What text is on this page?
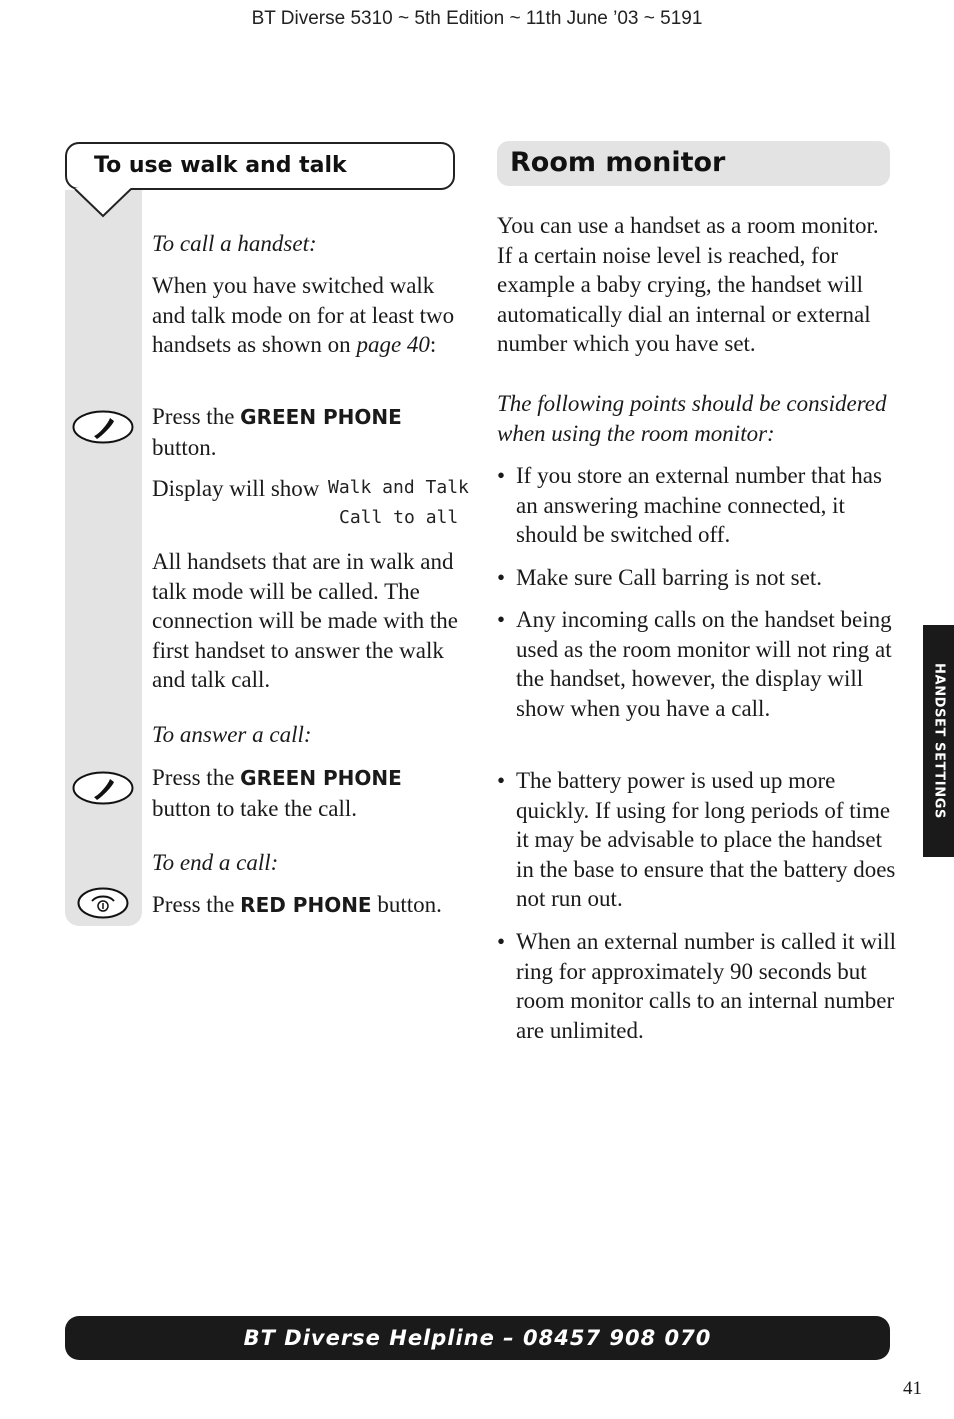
BT Diverse 5310 ~ 5th Edition ~ 11th June ’03 ~ 5191
To use walk and talk
To call a handset:
When you have switched walk and talk mode on for at least two handsets as shown on page 40:
Press the GREEN PHONE button.
Display will show Walk and Talk
Call to all
All handsets that are in walk and talk mode will be called. The connection will be made with the first handset to answer the walk and talk call.
To answer a call:
Press the GREEN PHONE button to take the call.
To end a call:
Press the RED PHONE button.
Room monitor
You can use a handset as a room monitor. If a certain noise level is reached, for example a baby crying, the handset will automatically dial an internal or external number which you have set.
The following points should be considered when using the room monitor:
• If you store an external number that has an answering machine connected, it should be switched off.
• Make sure Call barring is not set.
• Any incoming calls on the handset being used as the room monitor will not ring at the handset, however, the display will show when you have a call.
• The battery power is used up more quickly. If using for long periods of time it may be advisable to place the handset in the base to ensure that the battery does not run out.
• When an external number is called it will ring for approximately 90 seconds but room monitor calls to an internal number are unlimited.
HANDSET SETTINGS
BT Diverse Helpline – 08457 908 070
41
